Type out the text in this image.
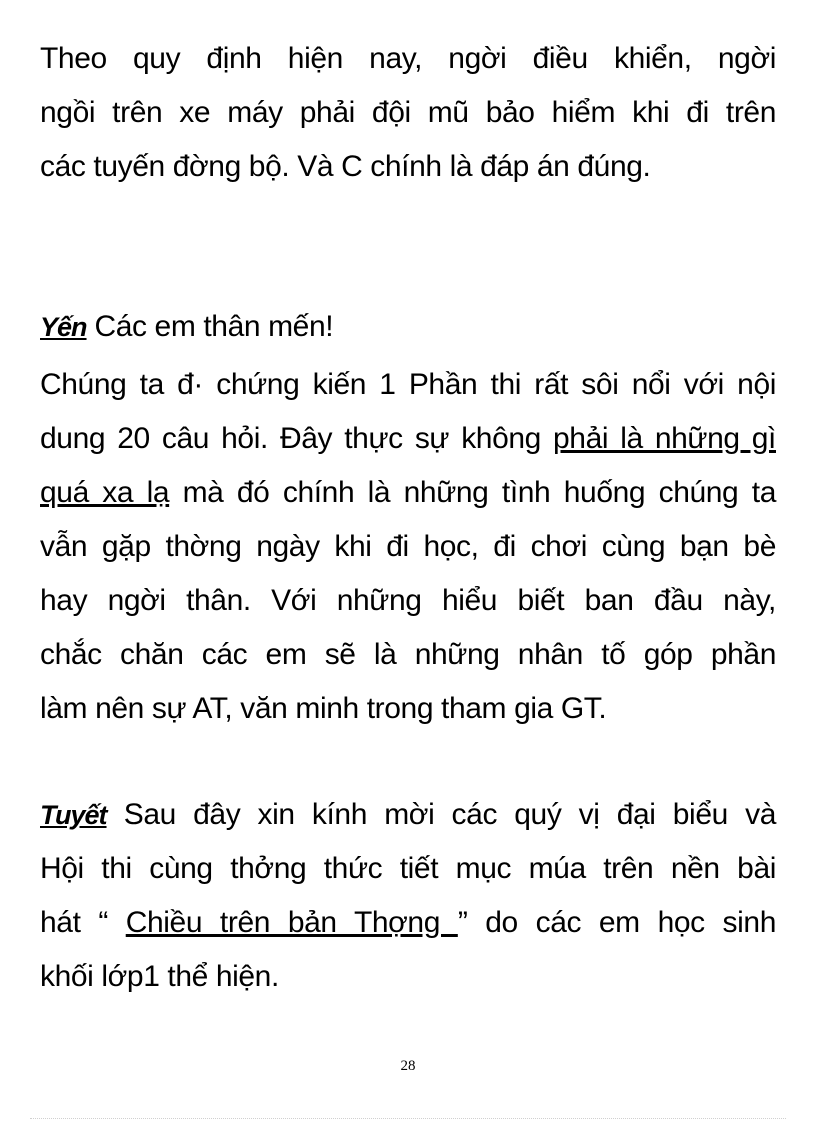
Theo quy định hiện nay, ngời điều khiển, ngời
ngồi trên xe máy phải đội mũ bảo hiểm khi đi trên
các tuyến đờng bộ. Và C chính là đáp án đúng.
Yến Các em thân mến!
Chúng ta đ· chứng kiến 1 Phần thi rất sôi nổi với nội
dung 20 câu hỏi. Đây thực sự không phải là những gì
quá xa lạ mà đó chính là những tình huống chúng ta
vẫn gặp thờng ngày khi đi học, đi chơi cùng bạn bè
hay ngời thân. Với những hiểu biết ban đầu này,
chắc chăn các em sẽ là những nhân tố góp phần
làm nên sự AT, văn minh trong tham gia GT.
Tuyết Sau đây xin kính mời các quý vị đại biểu và
Hội thi cùng thởng thức tiết mục múa trên nền bài
hát “ Chiều trên bản Thợng ” do các em học sinh
khối lớp1 thể hiện.
28
